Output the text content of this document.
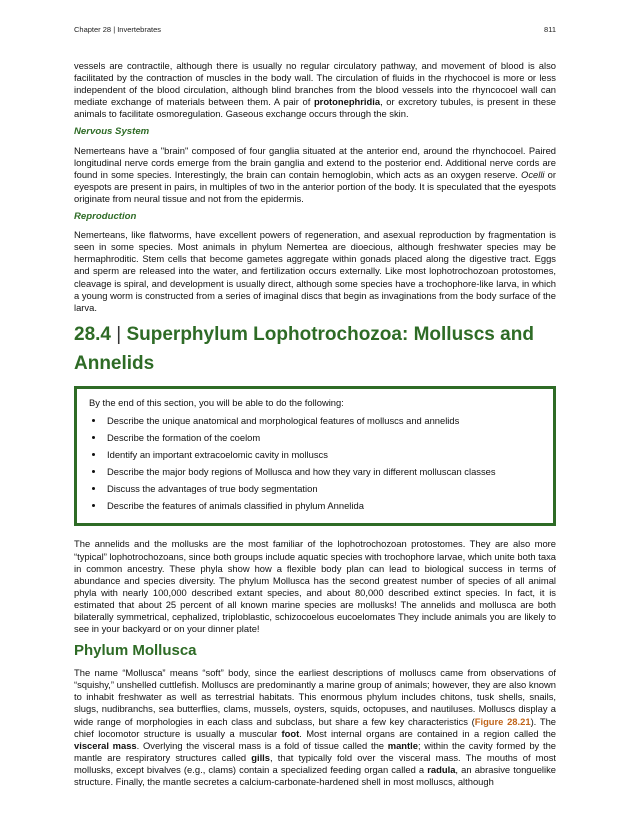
Chapter 28 | Invertebrates	811

vessels are contractile, although there is usually no regular circulatory pathway, and movement of blood is also facilitated by the contraction of muscles in the body wall. The circulation of fluids in the rhychocoel is more or less independent of the blood circulation, although blind branches from the blood vessels into the rhyncocoel wall can mediate exchange of materials between them. A pair of protonephridia, or excretory tubules, is present in these animals to facilitate osmoregulation. Gaseous exchange occurs through the skin.

Nervous System

Nemerteans have a "brain" composed of four ganglia situated at the anterior end, around the rhynchocoel. Paired longitudinal nerve cords emerge from the brain ganglia and extend to the posterior end. Additional nerve cords are found in some species. Interestingly, the brain can contain hemoglobin, which acts as an oxygen reserve. Ocelli or eyespots are present in pairs, in multiples of two in the anterior portion of the body. It is speculated that the eyespots originate from neural tissue and not from the epidermis.

Reproduction

Nemerteans, like flatworms, have excellent powers of regeneration, and asexual reproduction by fragmentation is seen in some species. Most animals in phylum Nemertea are dioecious, although freshwater species may be hermaphroditic. Stem cells that become gametes aggregate within gonads placed along the digestive tract. Eggs and sperm are released into the water, and fertilization occurs externally. Like most lophotrochozoan protostomes, cleavage is spiral, and development is usually direct, although some species have a trochophore-like larva, in which a young worm is constructed from a series of imaginal discs that begin as invaginations from the body surface of the larva.

28.4 | Superphylum Lophotrochozoa: Molluscs and Annelids
By the end of this section, you will be able to do the following:
• Describe the unique anatomical and morphological features of molluscs and annelids
• Describe the formation of the coelom
• Identify an important extracoelomic cavity in molluscs
• Describe the major body regions of Mollusca and how they vary in different molluscan classes
• Discuss the advantages of true body segmentation
• Describe the features of animals classified in phylum Annelida

The annelids and the mollusks are the most familiar of the lophotrochozoan protostomes. They are also more “typical” lophotrochozoans, since both groups include aquatic species with trochophore larvae, which unite both taxa in common ancestry. These phyla show how a flexible body plan can lead to biological success in terms of abundance and species diversity. The phylum Mollusca has the second greatest number of species of all animal phyla with nearly 100,000 described extant species, and about 80,000 described extinct species. In fact, it is estimated that about 25 percent of all known marine species are mollusks! The annelids and mollusca are both bilaterally symmetrical, cephalized, triploblastic, schizocoelous eucoelomates They include animals you are likely to see in your backyard or on your dinner plate!

Phylum Mollusca

The name “Mollusca” means “soft” body, since the earliest descriptions of molluscs came from observations of “squishy,” unshelled cuttlefish. Molluscs are predominantly a marine group of animals; however, they are also known to inhabit freshwater as well as terrestrial habitats. This enormous phylum includes chitons, tusk shells, snails, slugs, nudibranchs, sea butterflies, clams, mussels, oysters, squids, octopuses, and nautiluses. Molluscs display a wide range of morphologies in each class and subclass, but share a few key characteristics (Figure 28.21). The chief locomotor structure is usually a muscular foot. Most internal organs are contained in a region called the visceral mass. Overlying the visceral mass is a fold of tissue called the mantle; within the cavity formed by the mantle are respiratory structures called gills, that typically fold over the visceral mass. The mouths of most mollusks, except bivalves (e.g., clams) contain a specialized feeding organ called a radula, an abrasive tonguelike structure. Finally, the mantle secretes a calcium-carbonate-hardened shell in most molluscs, although
